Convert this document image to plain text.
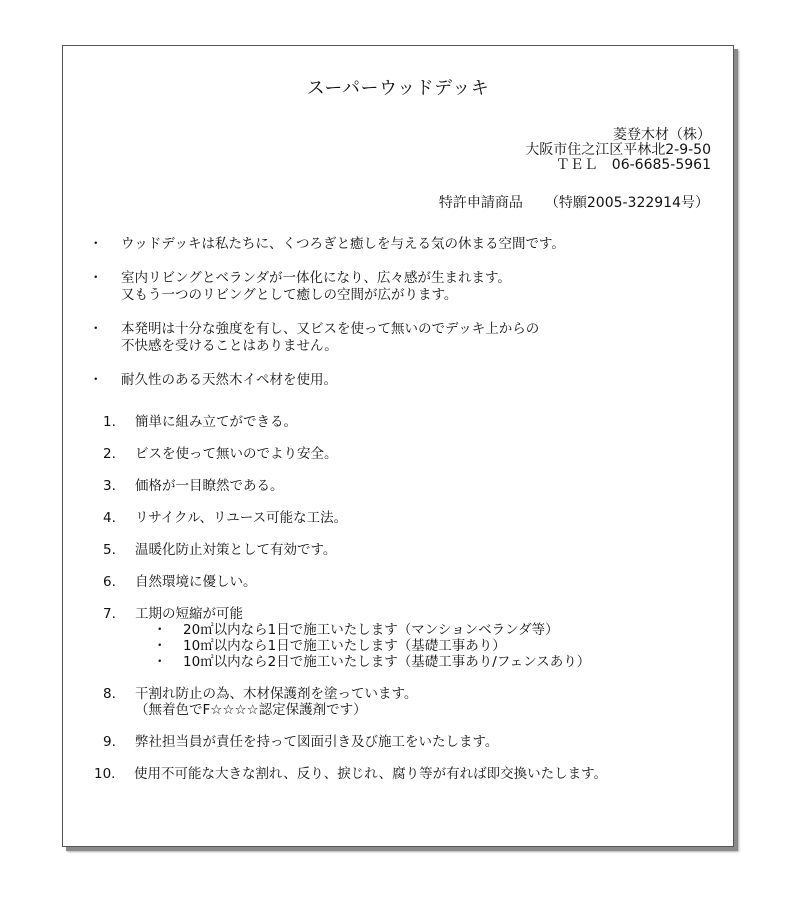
スーパーウッドデッキ
菱登木材（株）
大阪市住之江区平林北2-9-50
ＴＥＬ　06-6685-5961
特許申請商品 （特願2005-322914号）
・ ウッドデッキは私たちに、くつろぎと癒しを与える気の休まる空間です。
・ 室内リビングとベランダが一体化になり、広々感が生まれます。
又もう一つのリビングとして癒しの空間が広がります。
・ 本発明は十分な強度を有し、又ビスを使って無いのでデッキ上からの
不快感を受けることはありません。
・ 耐久性のある天然木イペ材を使用。
1. 簡単に組み立てができる。
2. ビスを使って無いのでより安全。
3. 価格が一目瞭然である。
4. リサイクル、リユース可能な工法。
5. 温暖化防止対策として有効です。
6. 自然環境に優しい。
7. 工期の短縮が可能
・ 20㎡以内なら1日で施工いたします（マンションベランダ等）
・ 10㎡以内なら1日で施工いたします（基礎工事あり）
・ 10㎡以内なら2日で施工いたします（基礎工事あり/フェンスあり）
8. 干割れ防止の為、木材保護剤を塗っています。
（無着色でF☆☆☆☆認定保護剤です）
9. 弊社担当員が責任を持って図面引き及び施工をいたします。
10.	使用不可能な大きな割れ、反り、捩じれ、腐り等が有れば即交換いたします。
